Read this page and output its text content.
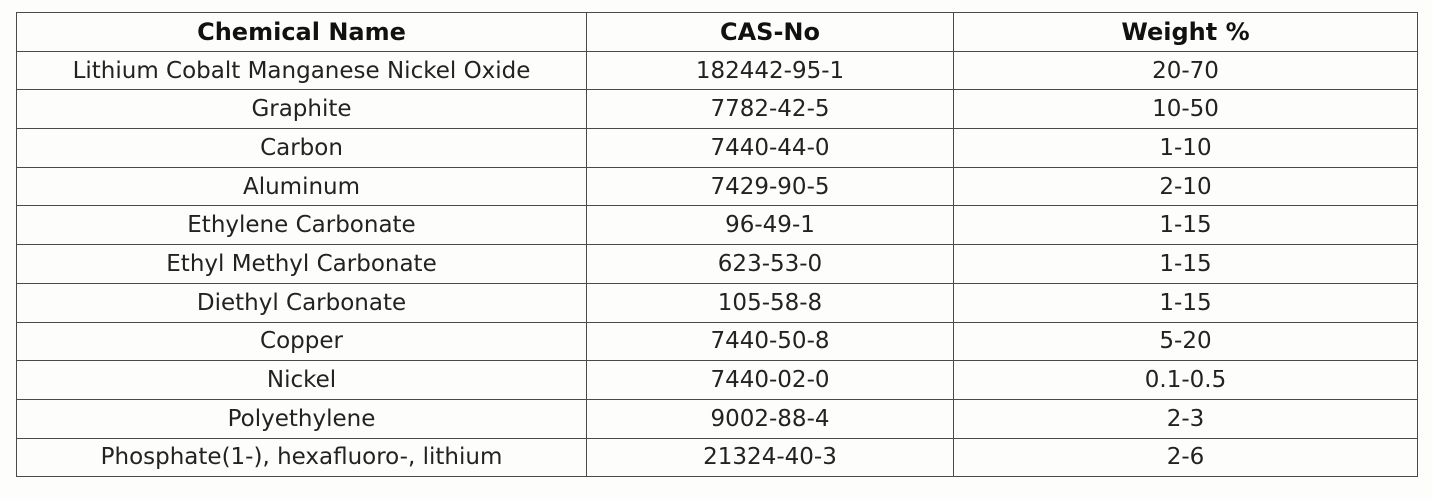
Chemical Name	CAS-No	Weight %
Lithium Cobalt Manganese Nickel Oxide	182442-95-1	20-70
Graphite	7782-42-5	10-50
Carbon	7440-44-0	1-10
Aluminum	7429-90-5	2-10
Ethylene Carbonate	96-49-1	1-15
Ethyl Methyl Carbonate	623-53-0	1-15
Diethyl Carbonate	105-58-8	1-15
Copper	7440-50-8	5-20
Nickel	7440-02-0	0.1-0.5
Polyethylene	9002-88-4	2-3
Phosphate(1-), hexafluoro-, lithium	21324-40-3	2-6
